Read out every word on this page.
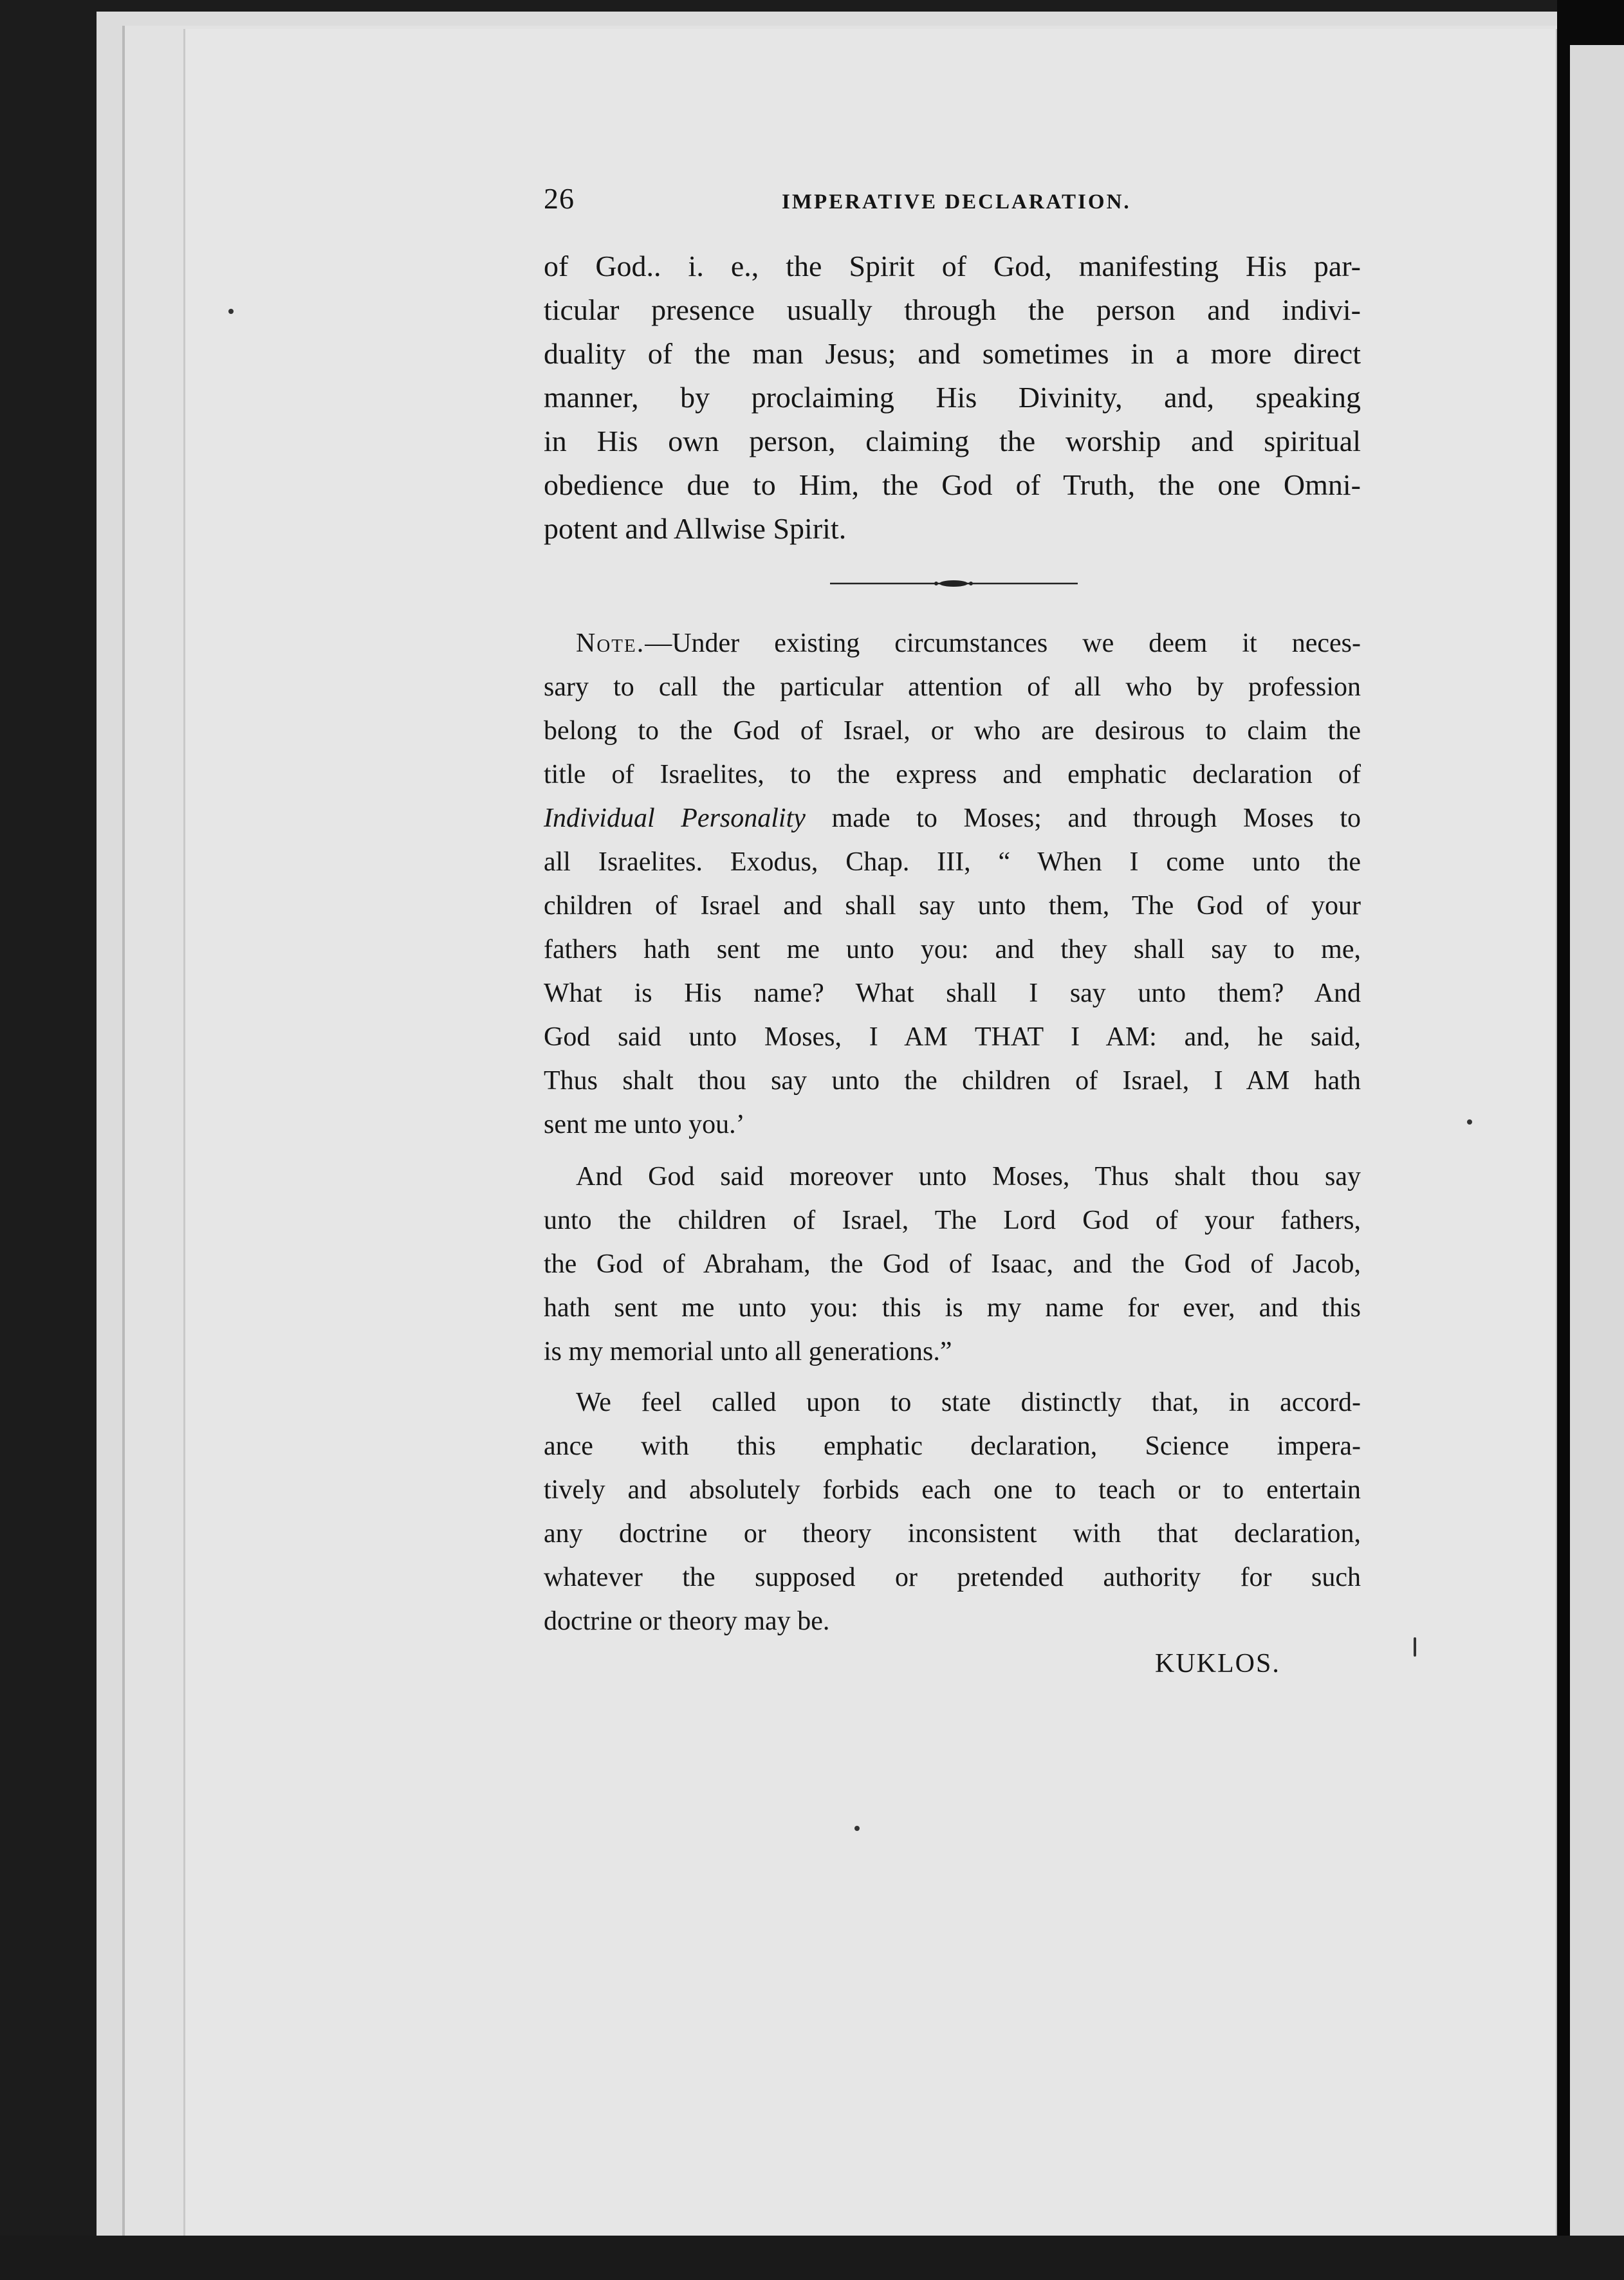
26	IMPERATIVE DECLARATION.
of God.. i. e., the Spirit of God, manifesting His par-
ticular presence usually through the person and indivi-
duality of the man Jesus; and sometimes in a more direct
manner, by proclaiming His Divinity, and, speaking
in His own person, claiming the worship and spiritual
obedience due to Him, the God of Truth, the one Omni-
potent and Allwise Spirit.
Note.—Under existing circumstances we deem it neces-
sary to call the particular attention of all who by profession
belong to the God of Israel, or who are desirous to claim the
title of Israelites, to the express and emphatic declaration of
Individual Personality made to Moses; and through Moses to
all Israelites. Exodus, Chap. III, “ When I come unto the
children of Israel and shall say unto them, The God of your
fathers hath sent me unto you: and they shall say to me,
What is His name? What shall I say unto them? And
God said unto Moses, I AM THAT I AM: and, he said,
Thus shalt thou say unto the children of Israel, I AM hath
sent me unto you.’
And God said moreover unto Moses, Thus shalt thou say
unto the children of Israel, The Lord God of your fathers,
the God of Abraham, the God of Isaac, and the God of Jacob,
hath sent me unto you: this is my name for ever, and this
is my memorial unto all generations.”
We feel called upon to state distinctly that, in accord-
ance with this emphatic declaration, Science impera-
tively and absolutely forbids each one to teach or to entertain
any doctrine or theory inconsistent with that declaration,
whatever the supposed or pretended authority for such
doctrine or theory may be.
KUKLOS.
